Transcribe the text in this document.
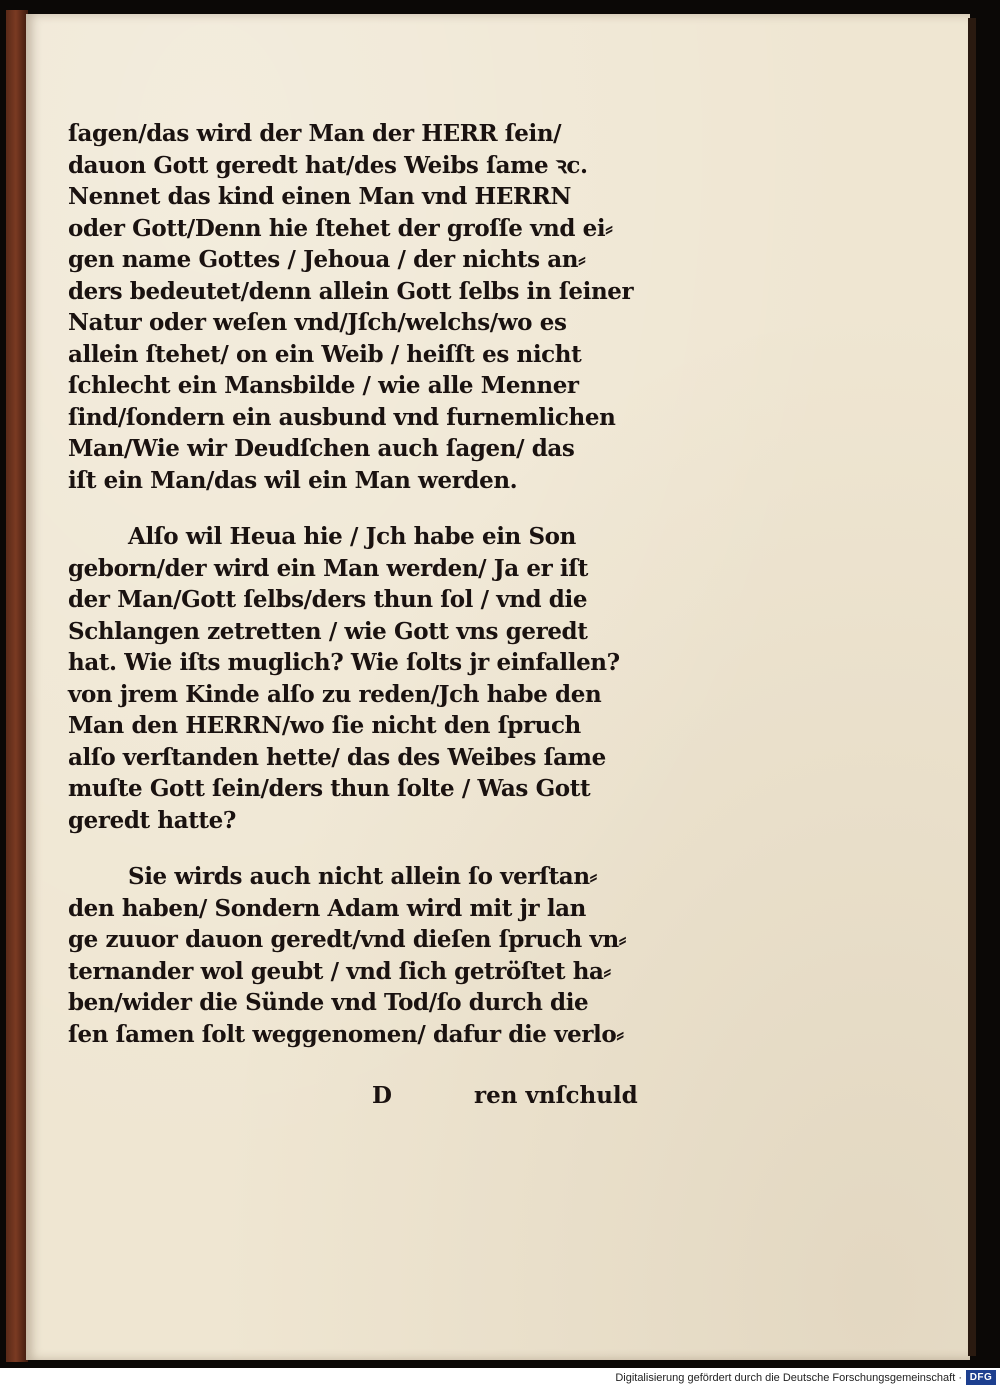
ſagen/das wird der Man der HERR ſein/
dauon Gott geredt hat/des Weibs ſame ꝛc.
Nennet das kind einen Man vnd HERRN
oder Gott/Denn hie ſtehet der groſſe vnd ei⸗
gen name Gottes / Jehoua / der nichts an⸗
ders bedeutet/denn allein Gott ſelbs in ſeiner
Natur oder weſen vnd/Jſch/welchs/wo es
allein ſtehet/ on ein Weib / heiſſt es nicht
ſchlecht ein Mansbilde / wie alle Menner
ſind/ſondern ein ausbund vnd furnemlichen
Man/Wie wir Deudſchen auch ſagen/ das
iſt ein Man/das wil ein Man werden.

Alſo wil Heua hie / Jch habe ein Son
geborn/der wird ein Man werden/ Ja er iſt
der Man/Gott ſelbs/ders thun ſol / vnd die
Schlangen zetretten / wie Gott vns geredt
hat. Wie iſts muglich? Wie ſolts jr einfallen?
von jrem Kinde alſo zu reden/Jch habe den
Man den HERRN/wo ſie nicht den ſpruch
alſo verſtanden hette/ das des Weibes ſame
muſte Gott ſein/ders thun ſolte / Was Gott
geredt hatte?

Sie wirds auch nicht allein ſo verſtan⸗
den haben/ Sondern Adam wird mit jr lan
ge zuuor dauon geredt/vnd dieſen ſpruch vn⸗
ternander wol geubt / vnd ſich getröſtet ha⸗
ben/wider die Sünde vnd Tod/ſo durch die
ſen ſamen ſolt weggenomen/ dafur die verlo⸗

D	ren vnſchuld
Digitalisierung gefördert durch die Deutsche Forschungsgemeinschaft · DFG
